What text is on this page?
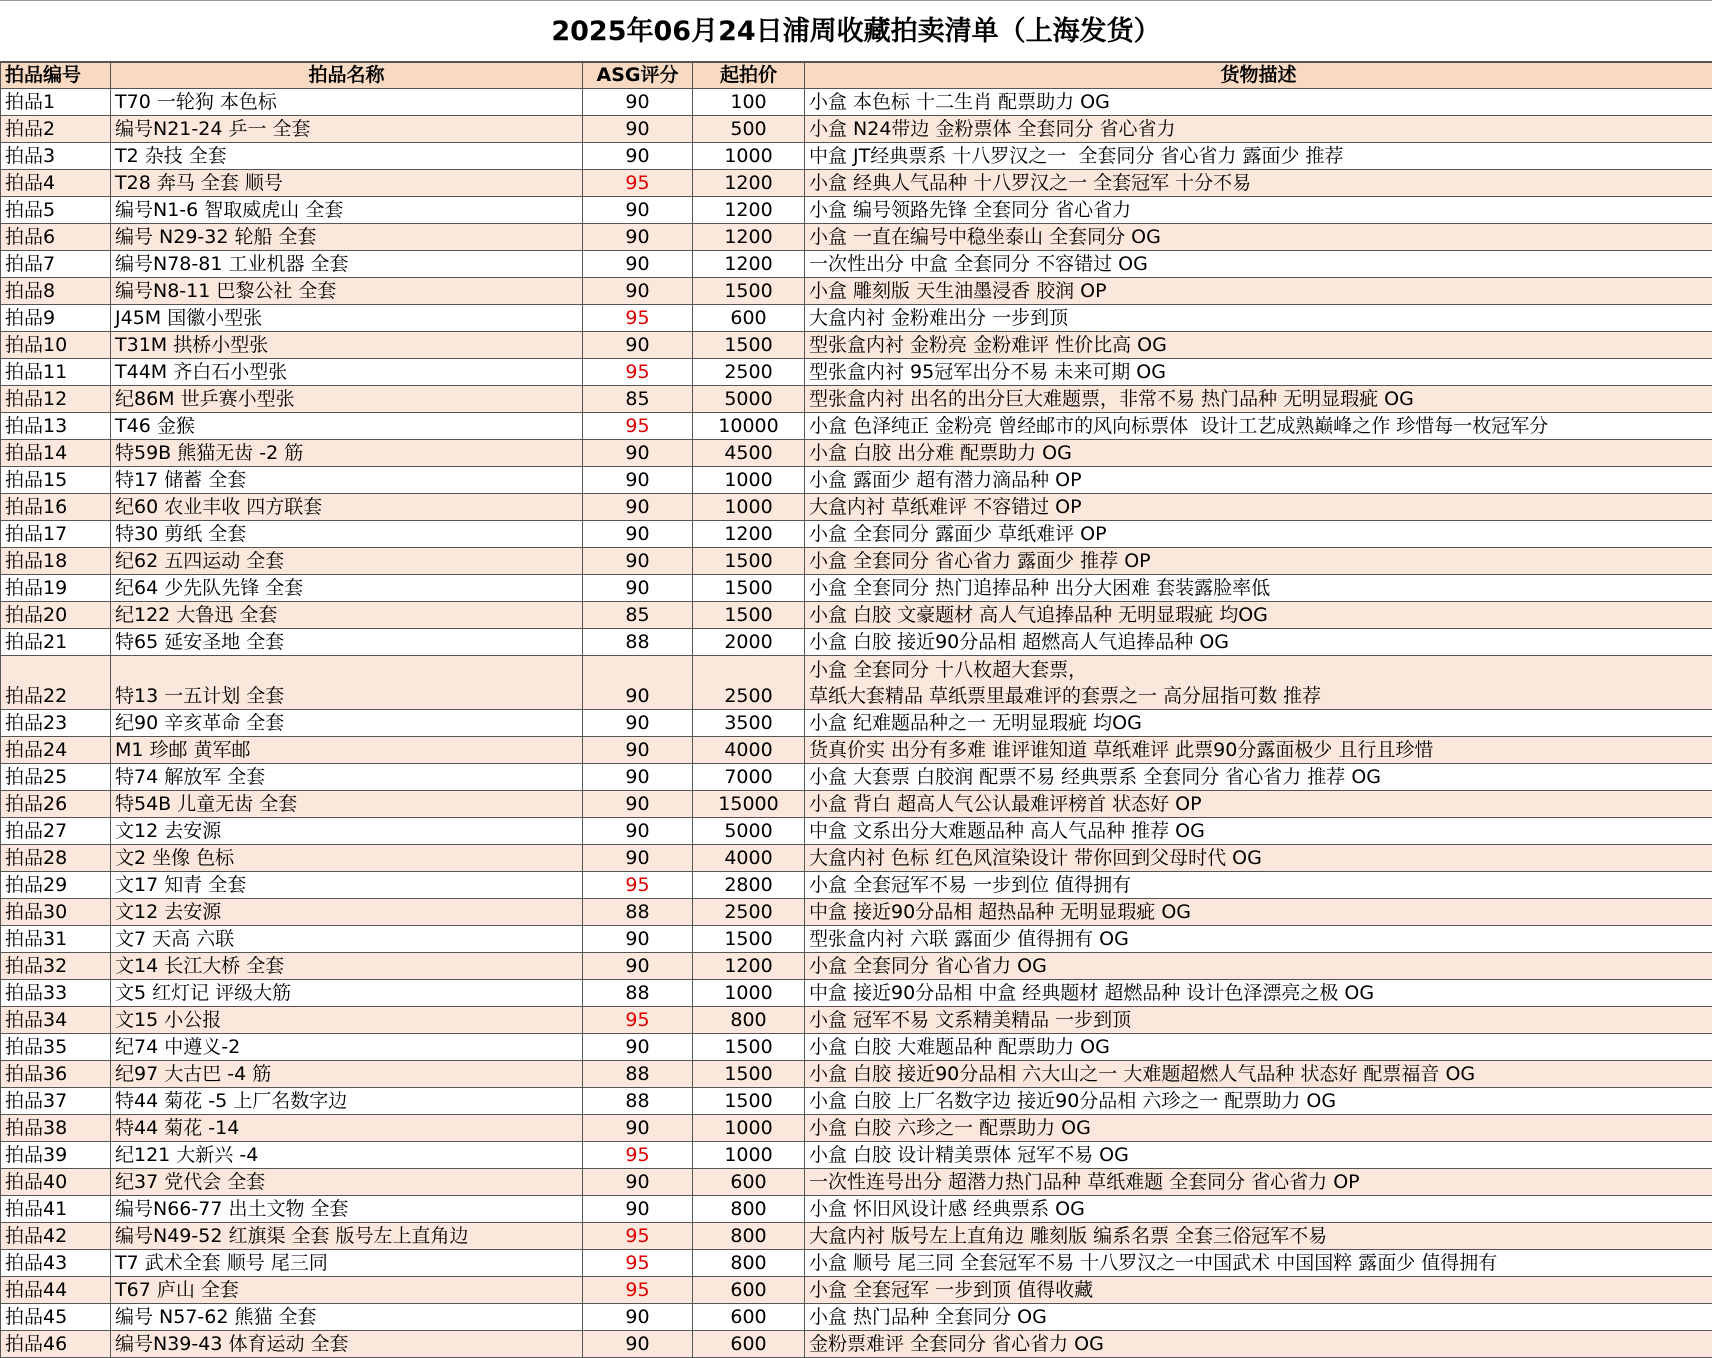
2025年06月24日浦周收藏拍卖清单（上海发货）
拍品编号	拍品名称	ASG评分	起拍价	货物描述
拍品1	T70 一轮狗 本色标	90	100	小盒 本色标 十二生肖 配票助力 OG
拍品2	编号N21-24 乒一 全套	90	500	小盒 N24带边 金粉票体 全套同分 省心省力
拍品3	T2 杂技 全套	90	1000	中盒 JT经典票系 十八罗汉之一  全套同分 省心省力 露面少 推荐
拍品4	T28 奔马 全套 顺号	95	1200	小盒 经典人气品种 十八罗汉之一 全套冠军 十分不易
拍品5	编号N1-6 智取威虎山 全套	90	1200	小盒 编号领路先锋 全套同分 省心省力
拍品6	编号 N29-32 轮船 全套	90	1200	小盒 一直在编号中稳坐泰山 全套同分 OG
拍品7	编号N78-81 工业机器 全套	90	1200	一次性出分 中盒 全套同分 不容错过 OG
拍品8	编号N8-11 巴黎公社 全套	90	1500	小盒 雕刻版 天生油墨浸香 胶润 OP
拍品9	J45M 国徽小型张	95	600	大盒内衬 金粉难出分 一步到顶
拍品10	T31M 拱桥小型张	90	1500	型张盒内衬 金粉亮 金粉难评 性价比高 OG
拍品11	T44M 齐白石小型张	95	2500	型张盒内衬 95冠军出分不易 未来可期 OG
拍品12	纪86M 世乒赛小型张	85	5000	型张盒内衬 出名的出分巨大难题票，非常不易 热门品种 无明显瑕疵 OG
拍品13	T46 金猴	95	10000	小盒 色泽纯正 金粉亮 曾经邮市的风向标票体  设计工艺成熟巅峰之作 珍惜每一枚冠军分
拍品14	特59B 熊猫无齿 -2 筋	90	4500	小盒 白胶 出分难 配票助力 OG
拍品15	特17 储蓄 全套	90	1000	小盒 露面少 超有潜力滴品种 OP
拍品16	纪60 农业丰收 四方联套	90	1000	大盒内衬 草纸难评 不容错过 OP
拍品17	特30 剪纸 全套	90	1200	小盒 全套同分 露面少 草纸难评 OP
拍品18	纪62 五四运动 全套	90	1500	小盒 全套同分 省心省力 露面少 推荐 OP
拍品19	纪64 少先队先锋 全套	90	1500	小盒 全套同分 热门追捧品种 出分大困难 套装露脸率低
拍品20	纪122 大鲁迅 全套	85	1500	小盒 白胶 文豪题材 高人气追捧品种 无明显瑕疵 均OG
拍品21	特65 延安圣地 全套	88	2000	小盒 白胶 接近90分品相 超燃高人气追捧品种 OG
拍品22	特13 一五计划 全套	90	2500	小盒 全套同分 十八枚超大套票，
草纸大套精品 草纸票里最难评的套票之一 高分屈指可数 推荐
拍品23	纪90 辛亥革命 全套	90	3500	小盒 纪难题品种之一 无明显瑕疵 均OG
拍品24	M1 珍邮 黄军邮	90	4000	货真价实 出分有多难 谁评谁知道 草纸难评 此票90分露面极少 且行且珍惜
拍品25	特74 解放军 全套	90	7000	小盒 大套票 白胶润 配票不易 经典票系 全套同分 省心省力 推荐 OG
拍品26	特54B 儿童无齿 全套	90	15000	小盒 背白 超高人气公认最难评榜首 状态好 OP
拍品27	文12 去安源	90	5000	中盒 文系出分大难题品种 高人气品种 推荐 OG
拍品28	文2 坐像 色标	90	4000	大盒内衬 色标 红色风渲染设计 带你回到父母时代 OG
拍品29	文17 知青 全套	95	2800	小盒 全套冠军不易 一步到位 值得拥有
拍品30	文12 去安源	88	2500	中盒 接近90分品相 超热品种 无明显瑕疵 OG
拍品31	文7 天高 六联	90	1500	型张盒内衬 六联 露面少 值得拥有 OG
拍品32	文14 长江大桥 全套	90	1200	小盒 全套同分 省心省力 OG
拍品33	文5 红灯记 评级大筋	88	1000	中盒 接近90分品相 中盒 经典题材 超燃品种 设计色泽漂亮之极 OG
拍品34	文15 小公报	95	800	小盒 冠军不易 文系精美精品 一步到顶
拍品35	纪74 中遵义-2	90	1500	小盒 白胶 大难题品种 配票助力 OG
拍品36	纪97 大古巴 -4 筋	88	1500	小盒 白胶 接近90分品相 六大山之一 大难题超燃人气品种 状态好 配票福音 OG
拍品37	特44 菊花 -5 上厂名数字边	88	1500	小盒 白胶 上厂名数字边 接近90分品相 六珍之一 配票助力 OG
拍品38	特44 菊花 -14	90	1000	小盒 白胶 六珍之一 配票助力 OG
拍品39	纪121 大新兴 -4	95	1000	小盒 白胶 设计精美票体 冠军不易 OG
拍品40	纪37 党代会 全套	90	600	一次性连号出分 超潜力热门品种 草纸难题 全套同分 省心省力 OP
拍品41	编号N66-77 出土文物 全套	90	800	小盒 怀旧风设计感 经典票系 OG
拍品42	编号N49-52 红旗渠 全套 版号左上直角边	95	800	大盒内衬 版号左上直角边 雕刻版 编系名票 全套三俗冠军不易
拍品43	T7 武术全套 顺号 尾三同	95	800	小盒 顺号 尾三同 全套冠军不易 十八罗汉之一中国武术 中国国粹 露面少 值得拥有
拍品44	T67 庐山 全套	95	600	小盒 全套冠军 一步到顶 值得收藏
拍品45	编号 N57-62 熊猫 全套	90	600	小盒 热门品种 全套同分 OG
拍品46	编号N39-43 体育运动 全套	90	600	金粉票难评 全套同分 省心省力 OG
